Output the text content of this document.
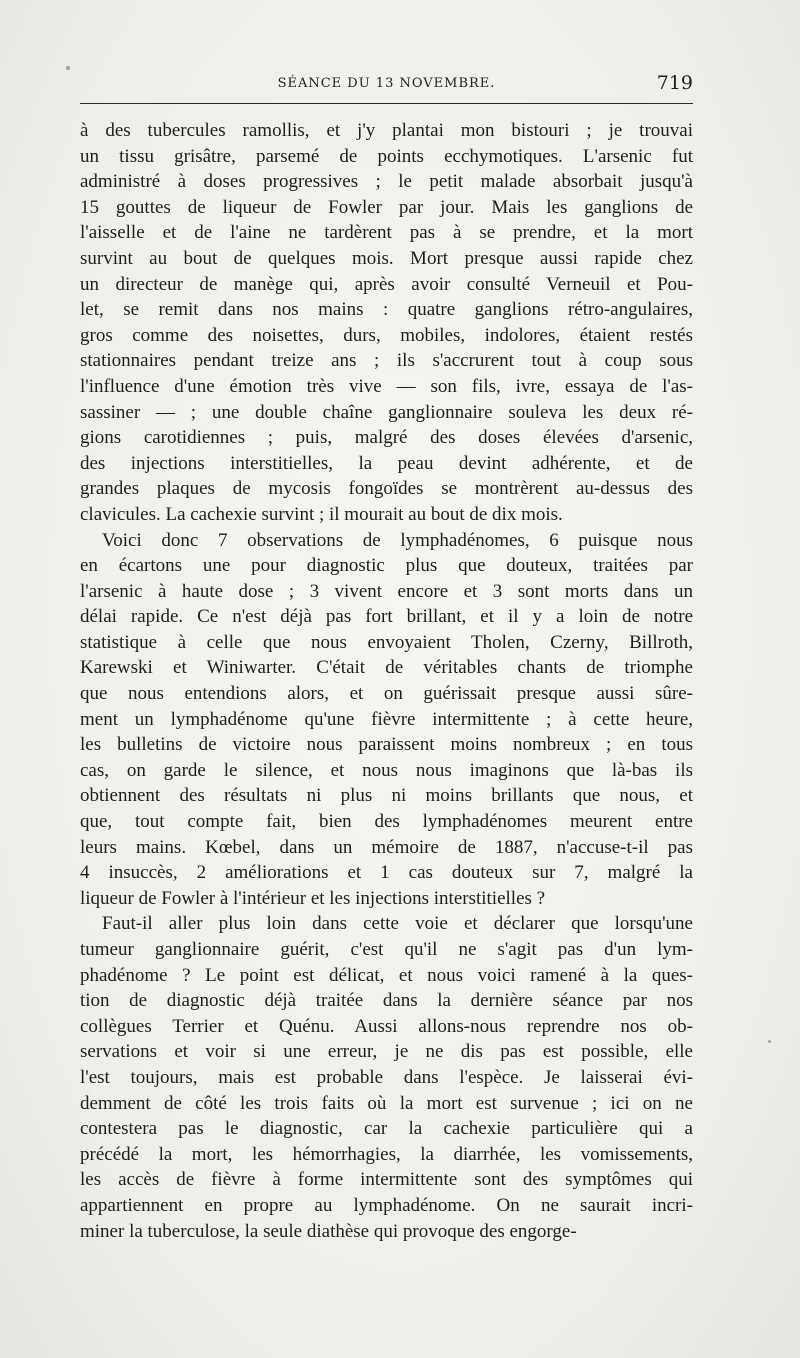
SÉANCE DU 13 NOVEMBRE.	719
à des tubercules ramollis, et j'y plantai mon bistouri ; je trouvai
un tissu grisâtre, parsemé de points ecchymotiques. L'arsenic fut
administré à doses progressives ; le petit malade absorbait jusqu'à
15 gouttes de liqueur de Fowler par jour. Mais les ganglions de
l'aisselle et de l'aine ne tardèrent pas à se prendre, et la mort
survint au bout de quelques mois. Mort presque aussi rapide chez
un directeur de manège qui, après avoir consulté Verneuil et Pou-
let, se remit dans nos mains : quatre ganglions rétro-angulaires,
gros comme des noisettes, durs, mobiles, indolores, étaient restés
stationnaires pendant treize ans ; ils s'accrurent tout à coup sous
l'influence d'une émotion très vive — son fils, ivre, essaya de l'as-
sassiner — ; une double chaîne ganglionnaire souleva les deux ré-
gions carotidiennes ; puis, malgré des doses élevées d'arsenic,
des injections interstitielles, la peau devint adhérente, et de
grandes plaques de mycosis fongoïdes se montrèrent au-dessus des
clavicules. La cachexie survint ; il mourait au bout de dix mois.
Voici donc 7 observations de lymphadénomes, 6 puisque nous
en écartons une pour diagnostic plus que douteux, traitées par
l'arsenic à haute dose ; 3 vivent encore et 3 sont morts dans un
délai rapide. Ce n'est déjà pas fort brillant, et il y a loin de notre
statistique à celle que nous envoyaient Tholen, Czerny, Billroth,
Karewski et Winiwarter. C'était de véritables chants de triomphe
que nous entendions alors, et on guérissait presque aussi sûre-
ment un lymphadénome qu'une fièvre intermittente ; à cette heure,
les bulletins de victoire nous paraissent moins nombreux ; en tous
cas, on garde le silence, et nous nous imaginons que là-bas ils
obtiennent des résultats ni plus ni moins brillants que nous, et
que, tout compte fait, bien des lymphadénomes meurent entre
leurs mains. Kœbel, dans un mémoire de 1887, n'accuse-t-il pas
4 insuccès, 2 améliorations et 1 cas douteux sur 7, malgré la
liqueur de Fowler à l'intérieur et les injections interstitielles ?
Faut-il aller plus loin dans cette voie et déclarer que lorsqu'une
tumeur ganglionnaire guérit, c'est qu'il ne s'agit pas d'un lym-
phadénome ? Le point est délicat, et nous voici ramené à la ques-
tion de diagnostic déjà traitée dans la dernière séance par nos
collègues Terrier et Quénu. Aussi allons-nous reprendre nos ob-
servations et voir si une erreur, je ne dis pas est possible, elle
l'est toujours, mais est probable dans l'espèce. Je laisserai évi-
demment de côté les trois faits où la mort est survenue ; ici on ne
contestera pas le diagnostic, car la cachexie particulière qui a
précédé la mort, les hémorrhagies, la diarrhée, les vomissements,
les accès de fièvre à forme intermittente sont des symptômes qui
appartiennent en propre au lymphadénome. On ne saurait incri-
miner la tuberculose, la seule diathèse qui provoque des engorge-
